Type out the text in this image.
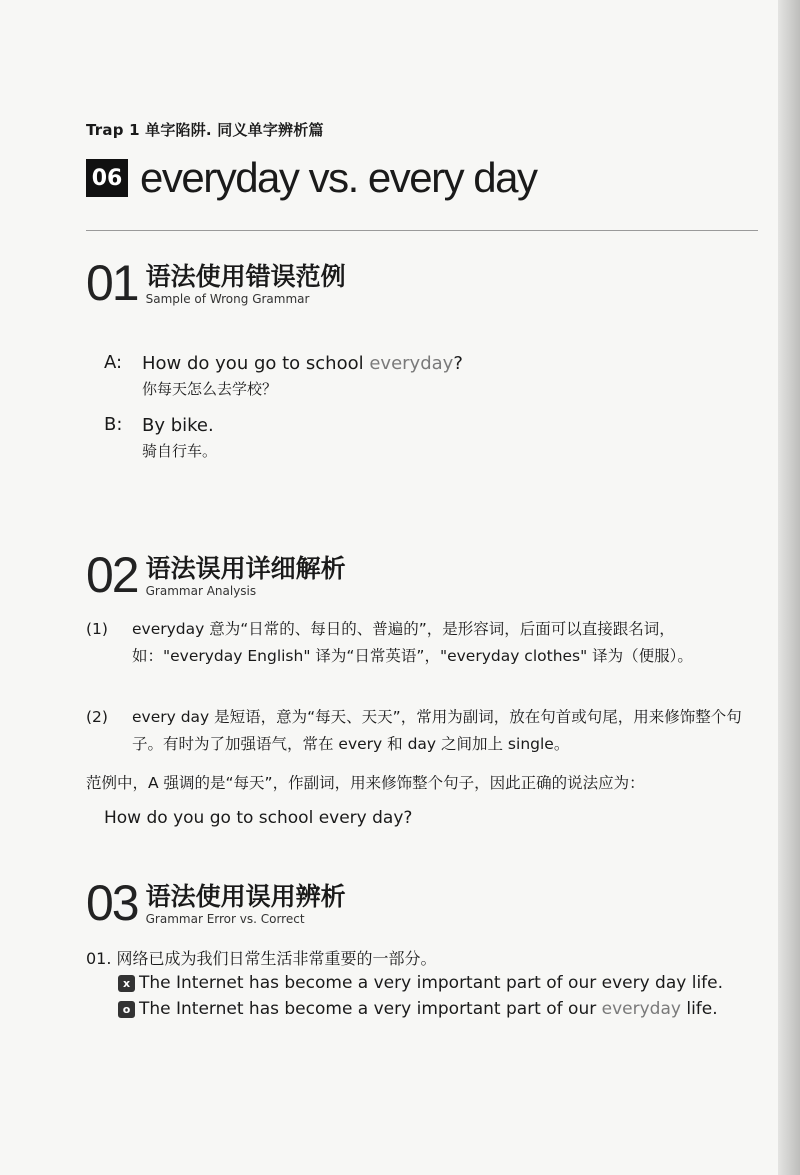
Trap 1 单字陷阱. 同义单字辨析篇
06 everyday vs. every day
01 语法使用错误范例
Sample of Wrong Grammar
A:	How do you go to school everyday?
你每天怎么去学校？
B:	By bike.
骑自行车。
02 语法误用详细解析
Grammar Analysis
(1)	everyday 意为“日常的、每日的、普遍的”，是形容词，后面可以直接跟名词，如："everyday English" 译为“日常英语”，"everyday clothes" 译为（便服）。
(2)	every day 是短语，意为“每天、天天”，常用为副词，放在句首或句尾，用来修饰整个句子。有时为了加强语气，常在 every 和 day 之间加上 single。
范例中，A 强调的是“每天”，作副词，用来修饰整个句子，因此正确的说法应为：
How do you go to school every day?
03 语法使用误用辨析
Grammar Error vs. Correct
01. 网络已成为我们日常生活非常重要的一部分。
x The Internet has become a very important part of our every day life.
o The Internet has become a very important part of our everyday life.
